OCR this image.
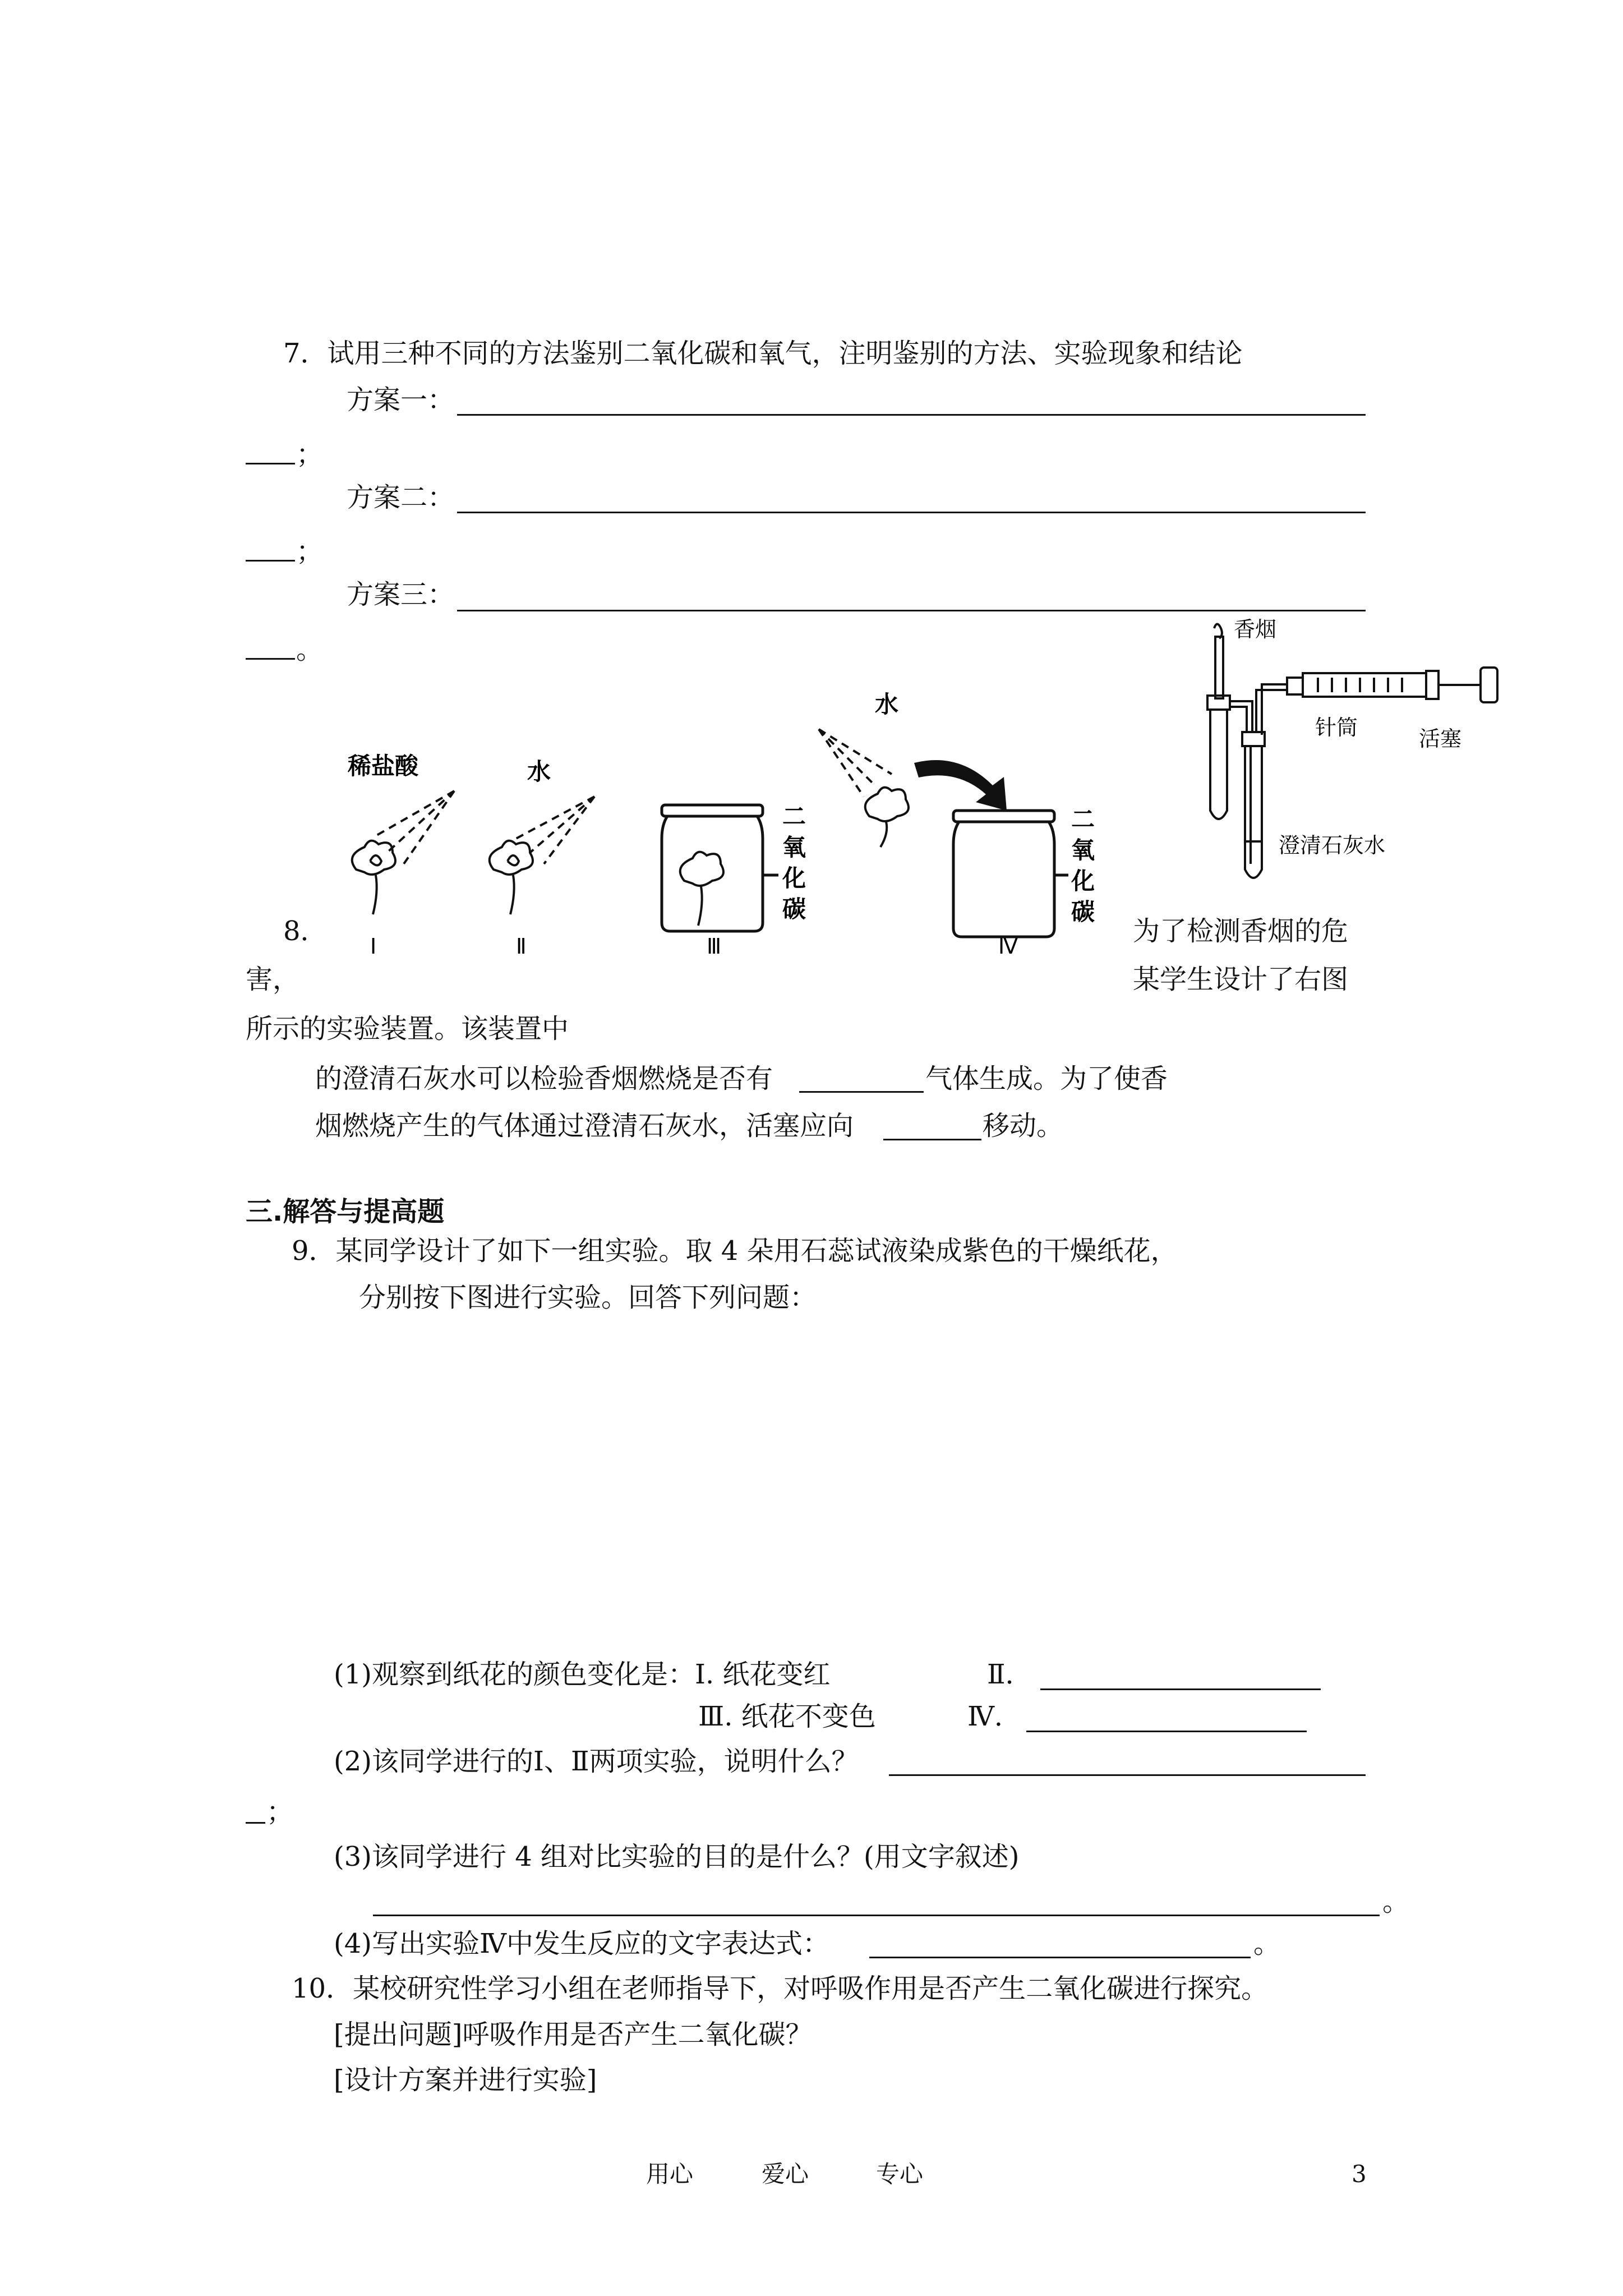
7．试用三种不同的方法鉴别二氧化碳和氧气，注明鉴别的方法、实验现象和结论
方案一：
；
方案二：
；
方案三：
。
稀盐酸
Ⅰ
水
Ⅱ
二
氧
化
碳
Ⅲ
水
二
氧
化
碳
Ⅳ
香烟
针筒	活塞
澄清石灰水
8．	为了检测香烟的危
害，	某学生设计了右图
所示的实验装置。该装置中
的澄清石灰水可以检验香烟燃烧是否有	气体生成。为了使香
烟燃烧产生的气体通过澄清石灰水，活塞应向	移动。
三.解答与提高题
9．某同学设计了如下一组实验。取 4 朵用石蕊试液染成紫色的干燥纸花，
分别按下图进行实验。回答下列问题：
(1)观察到纸花的颜色变化是：Ⅰ. 纸花变红	Ⅱ．
Ⅲ. 纸花不变色	Ⅳ．
(2)该同学进行的Ⅰ、Ⅱ两项实验，说明什么？
；
(3)该同学进行 4 组对比实验的目的是什么？(用文字叙述)
。
(4)写出实验Ⅳ中发生反应的文字表达式：	。
10．某校研究性学习小组在老师指导下，对呼吸作用是否产生二氧化碳进行探究。
[提出问题]呼吸作用是否产生二氧化碳？
[设计方案并进行实验]
用心	爱心	专心	3
